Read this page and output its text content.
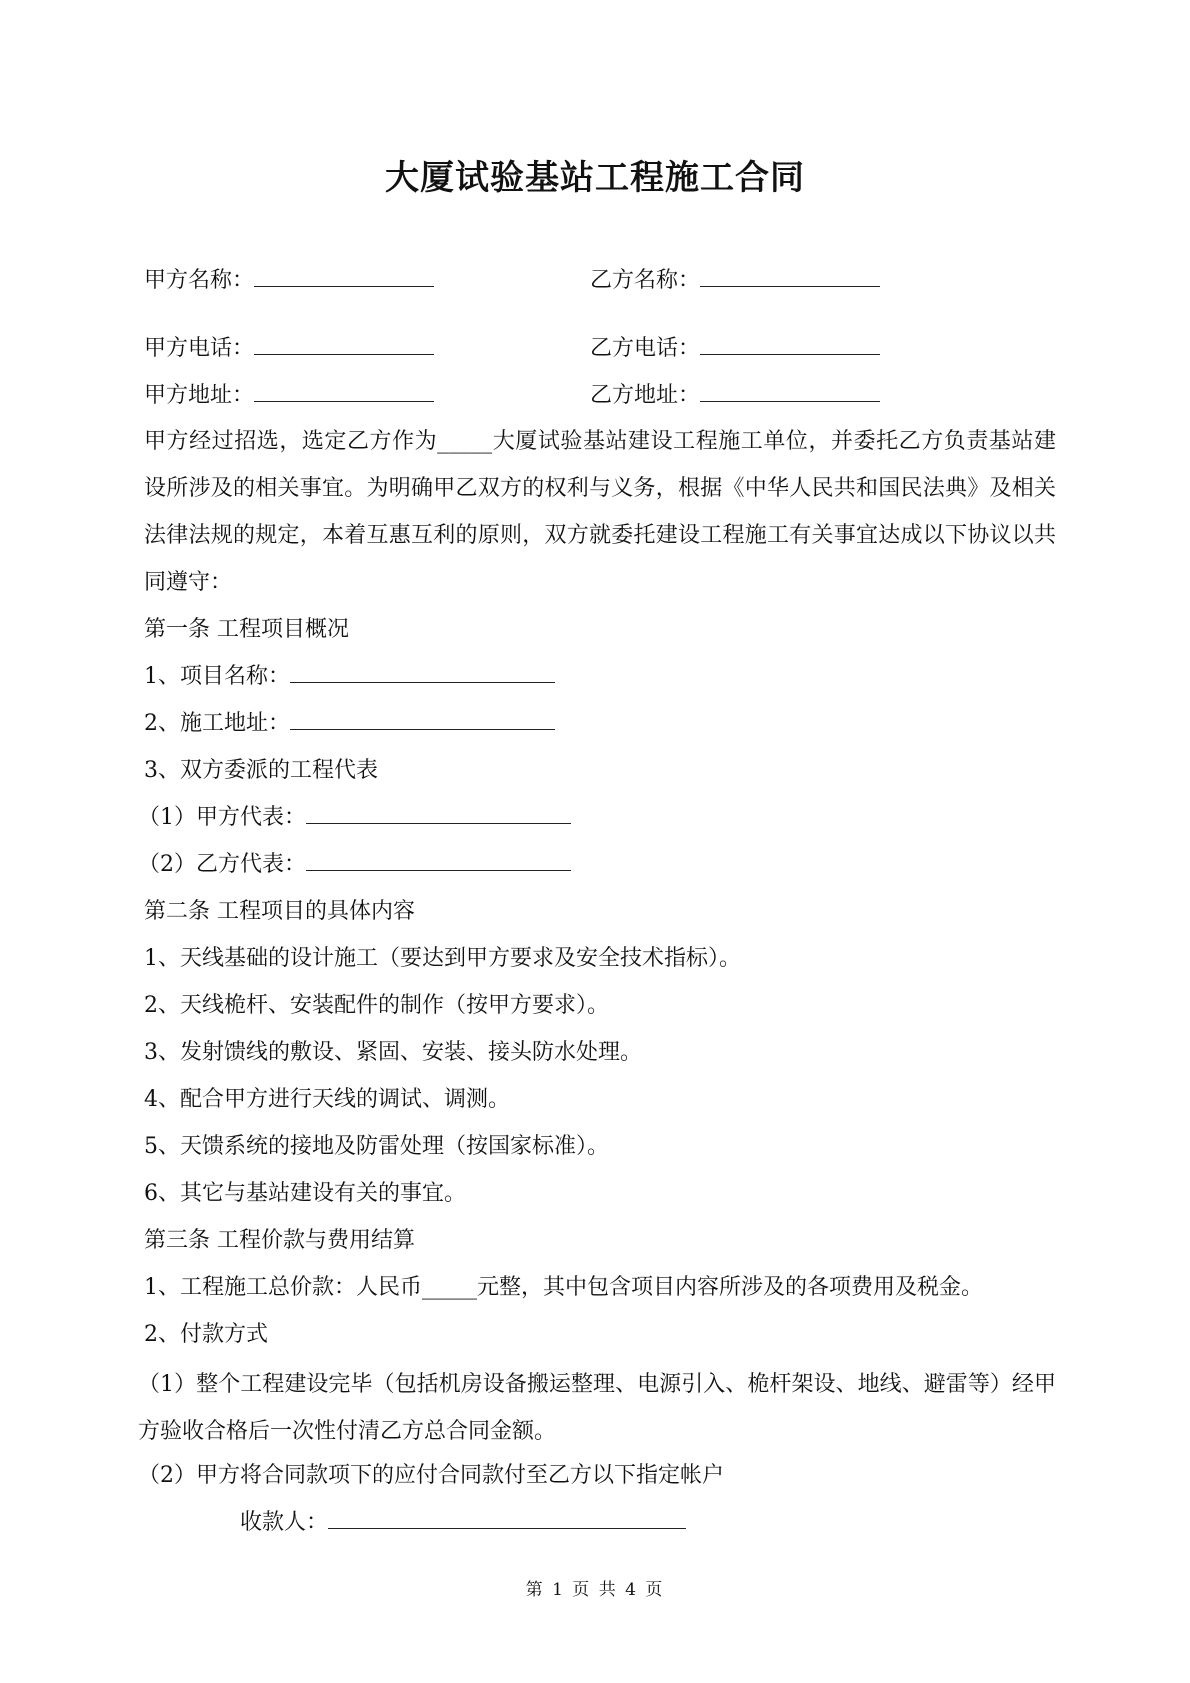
大厦试验基站工程施工合同
甲方名称：	乙方名称：
甲方电话：	乙方电话：
甲方地址：	乙方地址：
甲方经过招选，选定乙方作为_____大厦试验基站建设工程施工单位，并委托乙方负责基站建设所涉及的相关事宜。为明确甲乙双方的权利与义务，根据《中华人民共和国民法典》及相关法律法规的规定，本着互惠互利的原则，双方就委托建设工程施工有关事宜达成以下协议以共同遵守：
第一条 工程项目概况
1、项目名称：
2、施工地址：
3、双方委派的工程代表
（1）甲方代表：
（2）乙方代表：
第二条 工程项目的具体内容
1、天线基础的设计施工（要达到甲方要求及安全技术指标）。
2、天线桅杆、安装配件的制作（按甲方要求）。
3、发射馈线的敷设、紧固、安装、接头防水处理。
4、配合甲方进行天线的调试、调测。
5、天馈系统的接地及防雷处理（按国家标准）。
6、其它与基站建设有关的事宜。
第三条 工程价款与费用结算
1、工程施工总价款：人民币_____元整，其中包含项目内容所涉及的各项费用及税金。
2、付款方式
（1）整个工程建设完毕（包括机房设备搬运整理、电源引入、桅杆架设、地线、避雷等）经甲方验收合格后一次性付清乙方总合同金额。
（2）甲方将合同款项下的应付合同款付至乙方以下指定帐户
收款人：
第 1 页 共 4 页
